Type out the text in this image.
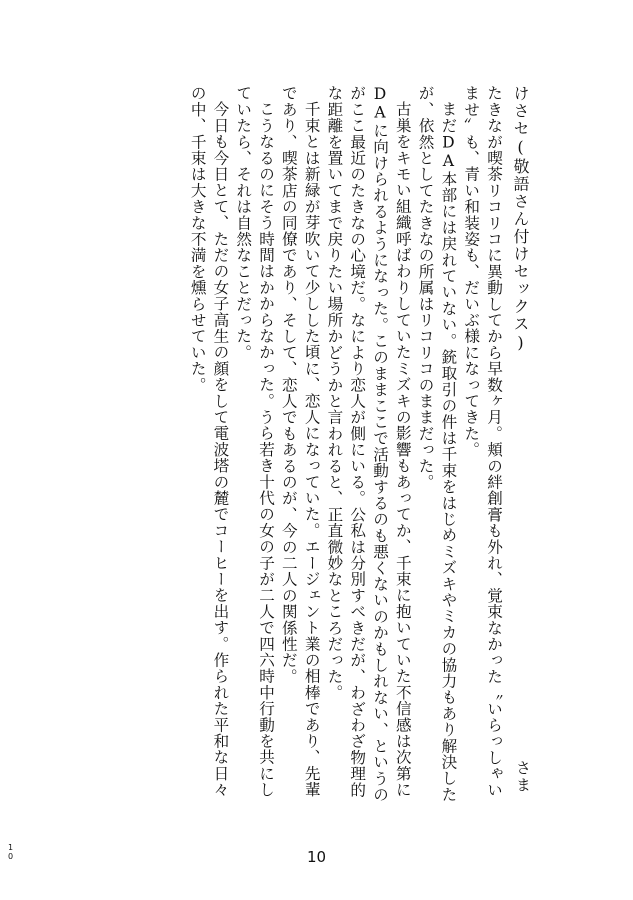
けさセ(敬語さん付けセックス)
さま

たきなが喫茶リコリコに異動してから早数ヶ月。頬の絆創膏も外れ、覚束なかった〝いらっしゃいませ〟も、青い和装姿も、だいぶ様になってきた。

まだDA本部には戻れていない。銃取引の件は千束をはじめミズキやミカの協力もあり解決したが、依然としてたきなの所属はリコリコのままだった。

古巣をキモい組織呼ばわりしていたミズキの影響もあってか、千束に抱いていた不信感は次第にDAに向けられるようになった。このままここで活動するのも悪くないのかもしれない、というのがここ最近のたきなの心境だ。なにより恋人が側にいる。公私は分別すべきだが、わざわざ物理的な距離を置いてまで戻りたい場所かどうかと言われると、正直微妙なところだった。

千束とは新緑が芽吹いて少しした頃に、恋人になっていた。エージェント業の相棒であり、先輩であり、喫茶店の同僚であり、そして、恋人でもあるのが、今の二人の関係性だ。

こうなるのにそう時間はかからなかった。うら若き十代の女の子が二人で四六時中行動を共にしていたら、それは自然なことだった。

今日も今日とて、ただの女子高生の顔をして電波塔の麓でコーヒーを出す。作られた平和な日々の中、千束は大きな不満を燻らせていた。

10
10
